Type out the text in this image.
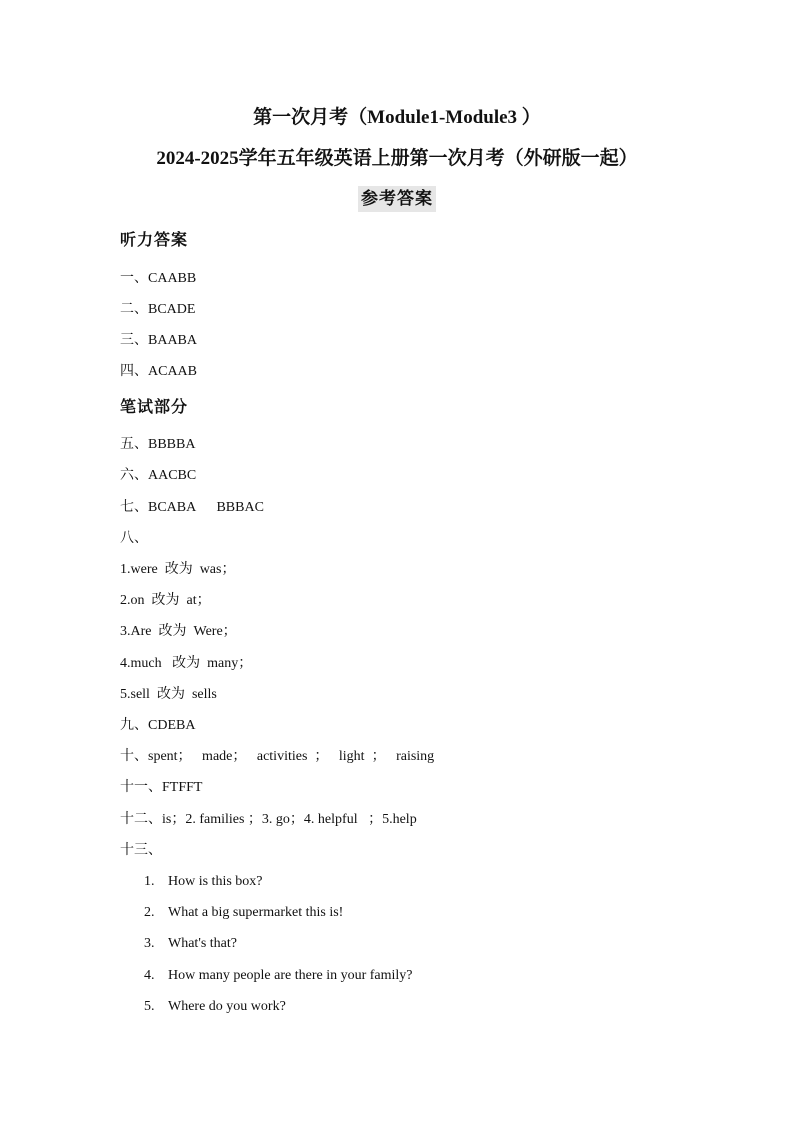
第一次月考（Module1-Module3 ）
2024-2025学年五年级英语上册第一次月考（外研版一起）
参考答案
听力答案
一、CAABB
二、BCADE
三、BAABA
四、ACAAB
笔试部分
五、BBBBA
六、AACBC
七、BCABA      BBBAC
八、
1.were  改为  was；
2.on  改为  at；
3.Are  改为  Were；
4.much   改为  many；
5.sell  改为  sells
九、CDEBA
十、spent；   made；   activities  ；   light  ；   raising
十一、FTFFT
十二、is；2. families ；3. go；4. helpful   ；5.help
十三、
1. How is this box?
2. What a big supermarket this is!
3. What's that?
4. How many people are there in your family?
5. Where do you work?
